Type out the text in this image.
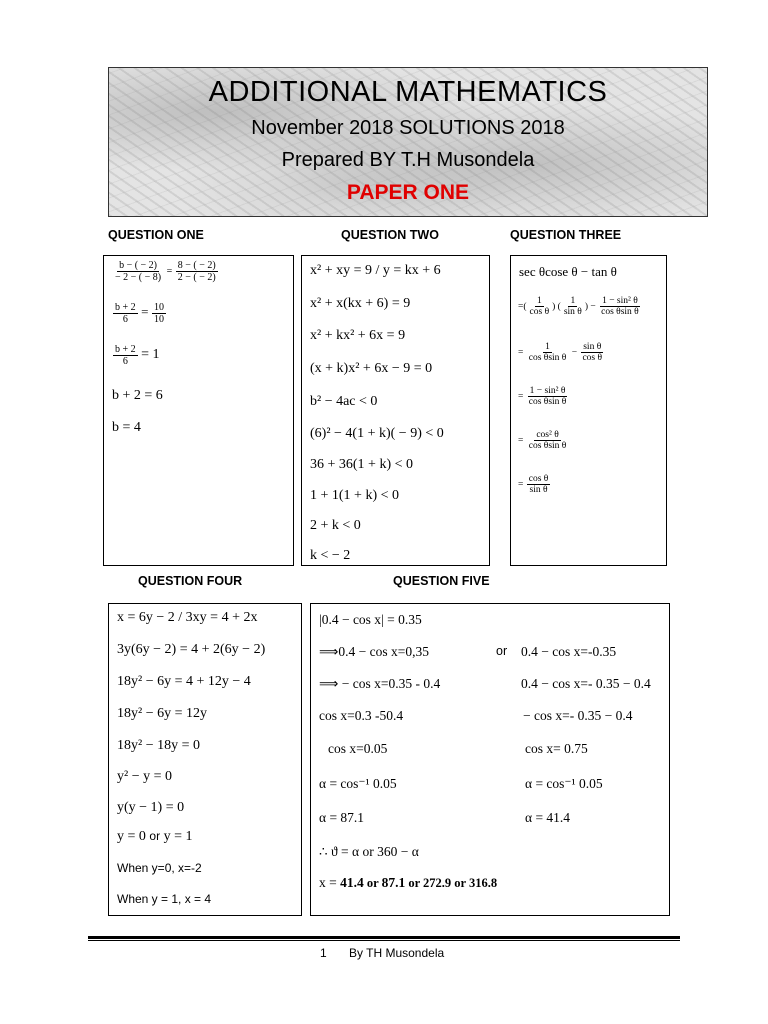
ADDITIONAL MATHEMATICS
November 2018 SOLUTIONS 2018
Prepared BY T.H Musondela
PAPER ONE
QUESTION ONE	QUESTION TWO	QUESTION THREE
$\frac{b - ( - 2)}{- 2 - ( - 8)} = \frac{8 - ( - 2)}{2 - ( - 2)}$
$\frac{b + 2}{6} = \frac{10}{10}$
$\frac{b + 2}{6} = 1$
b + 2 = 6
b = 4
x² + xy = 9 / y = kx + 6
x² + x(kx + 6) = 9
x² + kx² + 6x = 9
(x + k)x² + 6x − 9 = 0
b² − 4ac < 0
(6)² − 4(1 + k)( − 9) < 0
36 + 36(1 + k) < 0
1 + 1(1 + k) < 0
2 + k < 0
k < − 2
sec θcose θ − tan θ
=( $\frac{1}{\text{cos θ}}$ ) ( $\frac{1}{\text{sin θ}}$ ) − $\frac{\text{1 − sin² θ}}{\text{cos θsin θ}}$
= $\frac{1}{\text{cos θsin θ}} - \frac{\text{sin θ}}{\text{cos θ}}$
= $\frac{\text{1 − sin² θ}}{\text{cos θsin θ}}$
= $\frac{\text{cos² θ}}{\text{cos θsin θ}}$
= $\frac{\text{cos θ}}{\text{sin θ}}$
QUESTION FOUR	QUESTION FIVE
x = 6y − 2 / 3xy = 4 + 2x
3y(6y − 2) = 4 + 2(6y − 2)
18y² − 6y = 4 + 12y − 4
18y² − 6y = 12y
18y² − 18y = 0
y² − y = 0
y(y − 1) = 0
y = 0 or y = 1
When y=0, x=-2
When y = 1, x = 4
|0.4 − cos x| = 0.35
⟹0.4 − cos x=0,35	or 0.4 − cos x=-0.35
⟹ − cos x=0.35 - 0.4	0.4 − cos x=- 0.35 − 0.4
cos x=0.3 -50.4	− cos x=- 0.35 − 0.4
cos x=0.05	cos x= 0.75
α = cos⁻¹ 0.05	α = cos⁻¹ 0.05
α = 87.1	α = 41.4
∴ ϑ = α or 360 − α
x = 41.4 or 87.1 or 272.9 or 316.8
1 By TH Musondela
